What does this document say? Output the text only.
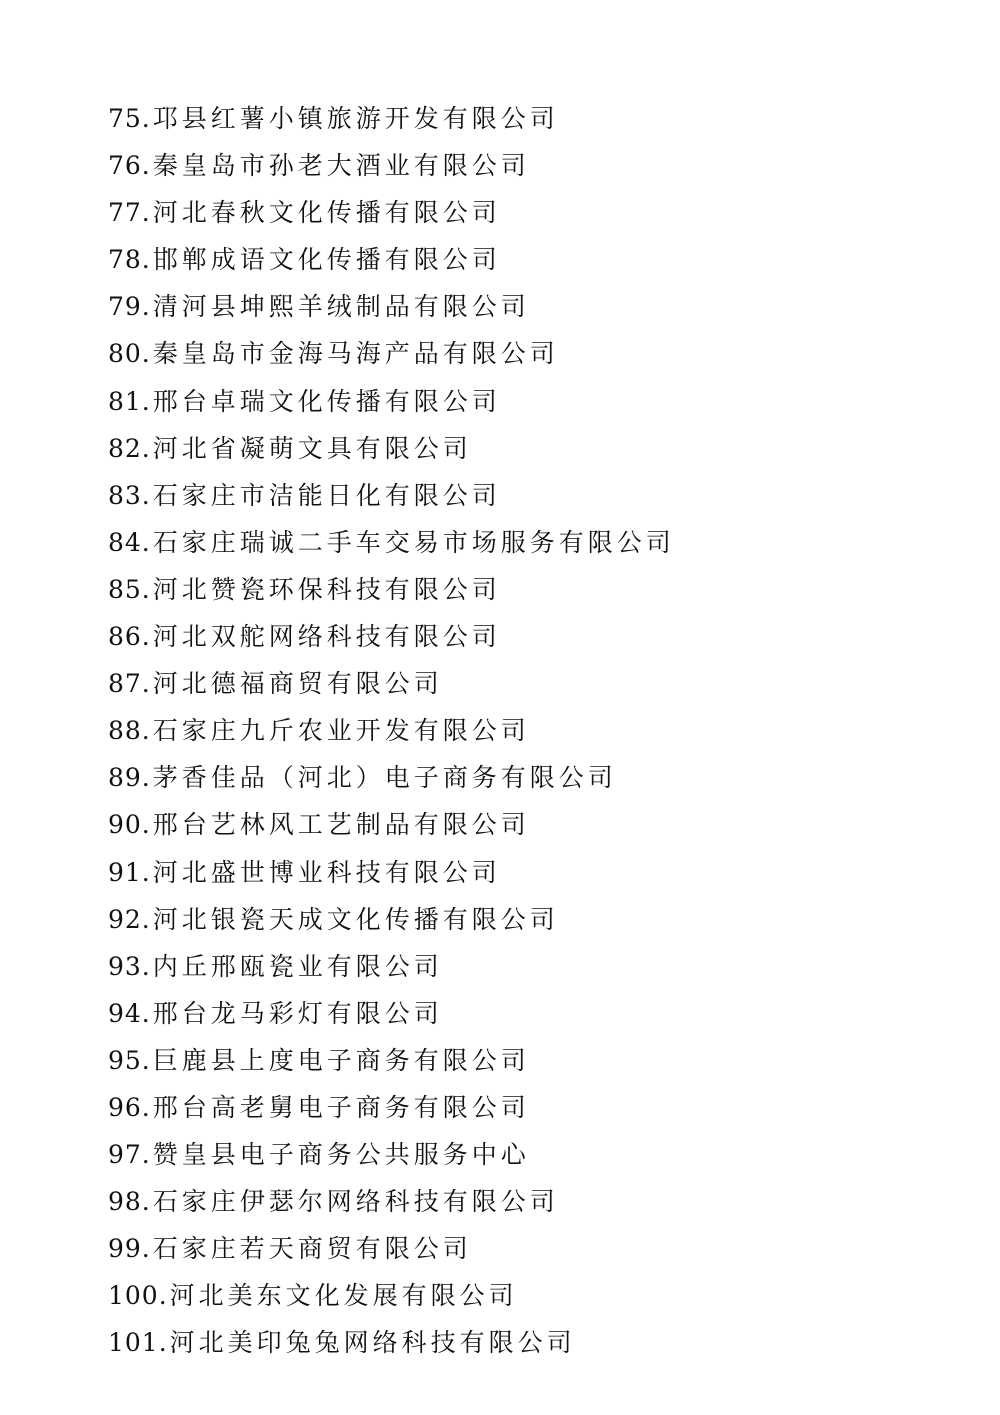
75.邛县红薯小镇旅游开发有限公司
76.秦皇岛市孙老大酒业有限公司
77.河北春秋文化传播有限公司
78.邯郸成语文化传播有限公司
79.清河县坤熙羊绒制品有限公司
80.秦皇岛市金海马海产品有限公司
81.邢台卓瑞文化传播有限公司
82.河北省凝萌文具有限公司
83.石家庄市洁能日化有限公司
84.石家庄瑞诚二手车交易市场服务有限公司
85.河北赞瓷环保科技有限公司
86.河北双舵网络科技有限公司
87.河北德福商贸有限公司
88.石家庄九斤农业开发有限公司
89.茅香佳品（河北）电子商务有限公司
90.邢台艺林风工艺制品有限公司
91.河北盛世博业科技有限公司
92.河北银瓷天成文化传播有限公司
93.内丘邢瓯瓷业有限公司
94.邢台龙马彩灯有限公司
95.巨鹿县上度电子商务有限公司
96.邢台高老舅电子商务有限公司
97.赞皇县电子商务公共服务中心
98.石家庄伊瑟尔网络科技有限公司
99.石家庄若天商贸有限公司
100.河北美东文化发展有限公司
101.河北美印兔兔网络科技有限公司
